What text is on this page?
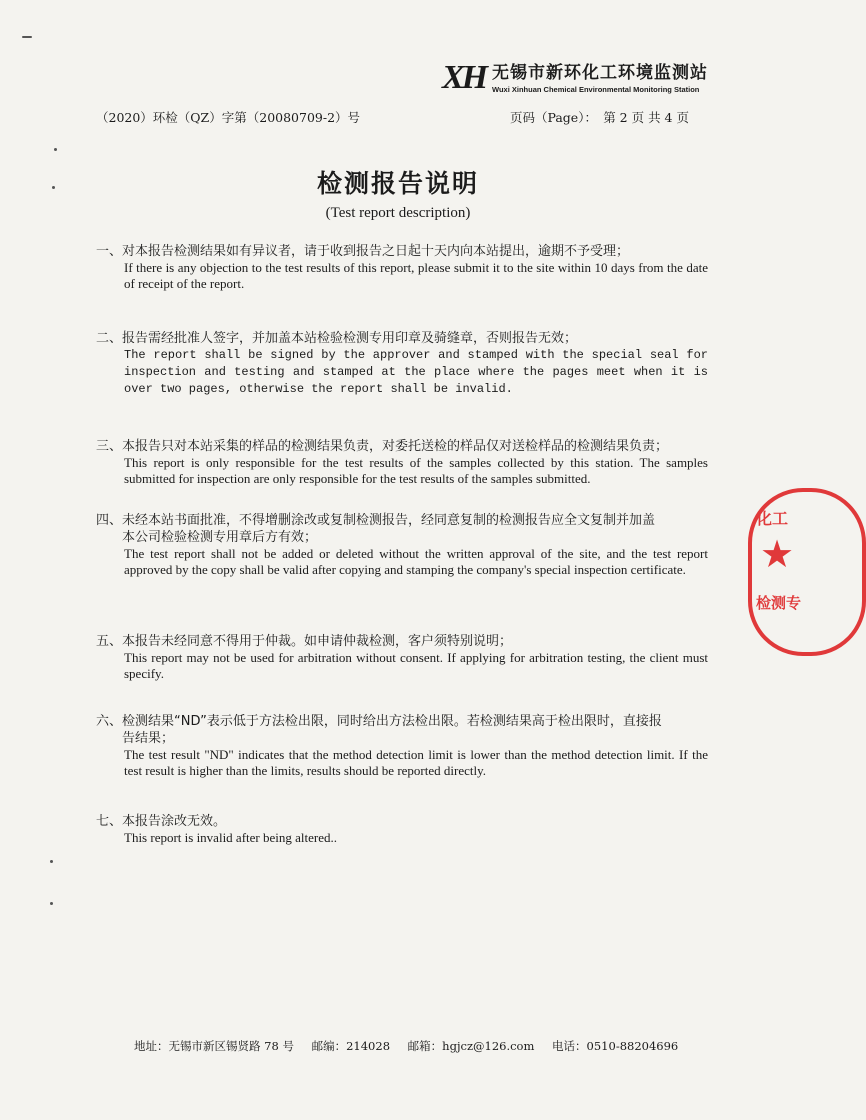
XH 无锡市新环化工环境监测站
Wuxi Xinhuan Chemical Environmental Monitoring Station
（2020）环检（QZ）字第（20080709-2）号	页码（Page）：　第 2 页 共 4 页
检测报告说明
(Test report description)
一、对本报告检测结果如有异议者，请于收到报告之日起十天内向本站提出，逾期不予受理；
If there is any objection to the test results of this report, please submit it to the site within 10 days from the date of receipt of the report.
二、报告需经批准人签字，并加盖本站检验检测专用印章及骑缝章，否则报告无效；
The report shall be signed by the approver and stamped with the special seal for inspection and testing and stamped at the place where the pages meet when it is over two pages, otherwise the report shall be invalid.
三、本报告只对本站采集的样品的检测结果负责，对委托送检的样品仅对送检样品的检测结果负责；
This report is only responsible for the test results of the samples collected by this station. The samples submitted for inspection are only responsible for the test results of the samples submitted.
四、未经本站书面批准，不得增删涂改或复制检测报告，经同意复制的检测报告应全文复制并加盖
本公司检验检测专用章后方有效；
The test report shall not be added or deleted without the written approval of the site, and the test report approved by the copy shall be valid after copying and stamping the company's special inspection certificate.
五、本报告未经同意不得用于仲裁。如申请仲裁检测，客户须特别说明；
This report may not be used for arbitration without consent. If applying for arbitration testing, the client must specify.
六、检测结果“ND”表示低于方法检出限，同时给出方法检出限。若检测结果高于检出限时，直接报
告结果；
The test result "ND" indicates that the method detection limit is lower than the method detection limit. If the test result is higher than the limits, results should be reported directly.
七、本报告涂改无效。
This report is invalid after being altered..
地址：无锡市新区锡贤路 78 号 邮编：214028 邮箱：hgjcz@126.com 电话：0510-88204696
化工
★
检测专
